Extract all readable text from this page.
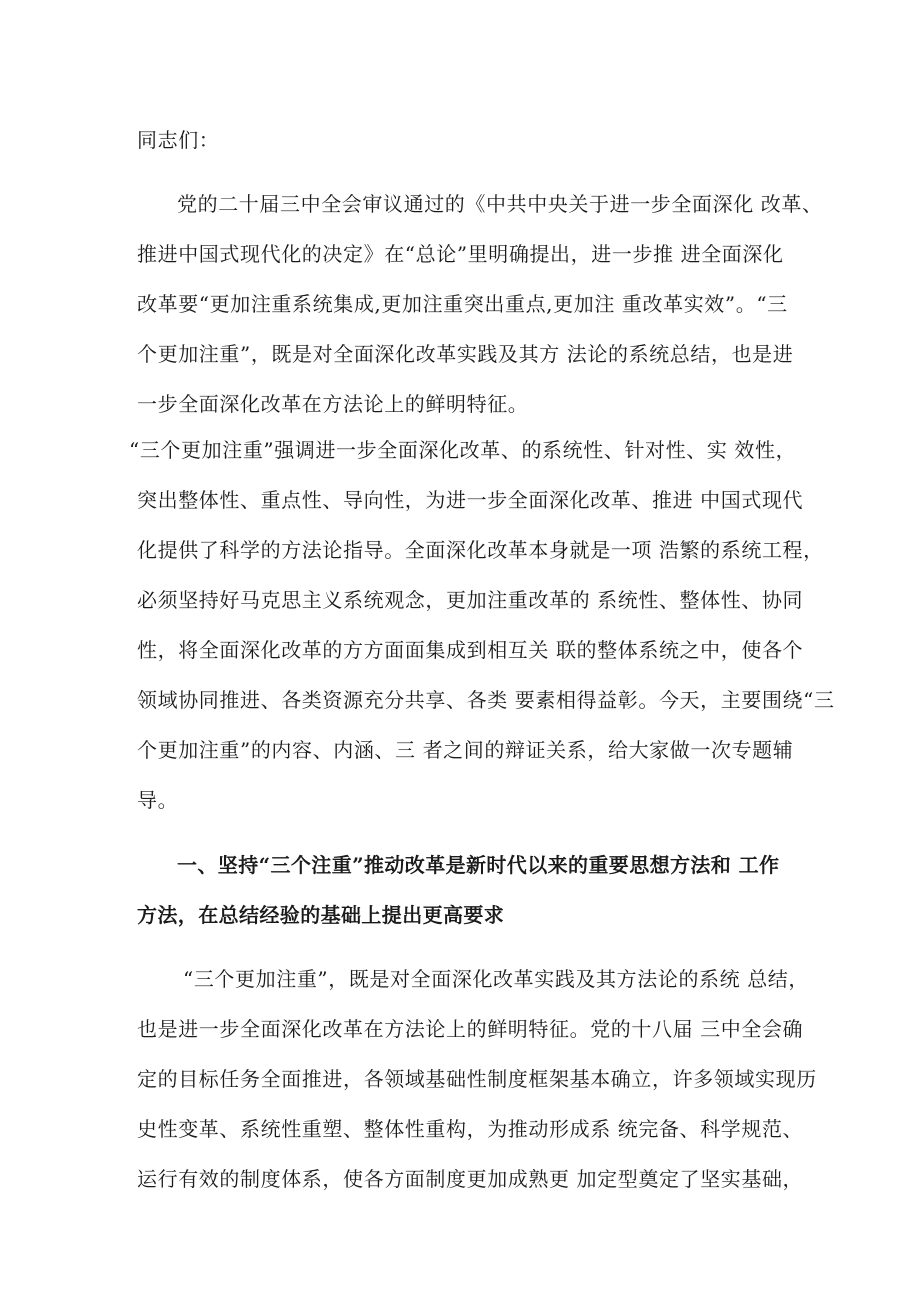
同志们：
党的二十届三中全会审议通过的《中共中央关于进一步全面深化 改革、
推进中国式现代化的决定》在“总论”里明确提出，进一步推 进全面深化
改革要“更加注重系统集成,更加注重突出重点,更加注 重改革实效”。“三
个更加注重”，既是对全面深化改革实践及其方 法论的系统总结，也是进
一步全面深化改革在方法论上的鲜明特征。
“三个更加注重”强调进一步全面深化改革、的系统性、针对性、实 效性，
突出整体性、重点性、导向性，为进一步全面深化改革、推进 中国式现代
化提供了科学的方法论指导。全面深化改革本身就是一项 浩繁的系统工程，
必须坚持好马克思主义系统观念，更加注重改革的 系统性、整体性、协同
性，将全面深化改革的方方面面集成到相互关 联的整体系统之中，使各个
领域协同推进、各类资源充分共享、各类 要素相得益彰。今天，主要围绕“三
个更加注重”的内容、内涵、三 者之间的辩证关系，给大家做一次专题辅
导。
一、坚持“三个注重”推动改革是新时代以来的重要思想方法和 工作
方法，在总结经验的基础上提出更高要求
“三个更加注重”，既是对全面深化改革实践及其方法论的系统 总结，
也是进一步全面深化改革在方法论上的鲜明特征。党的十八届 三中全会确
定的目标任务全面推进，各领域基础性制度框架基本确立，许多领域实现历
史性变革、系统性重塑、整体性重构，为推动形成系 统完备、科学规范、
运行有效的制度体系，使各方面制度更加成熟更 加定型奠定了坚实基础，
